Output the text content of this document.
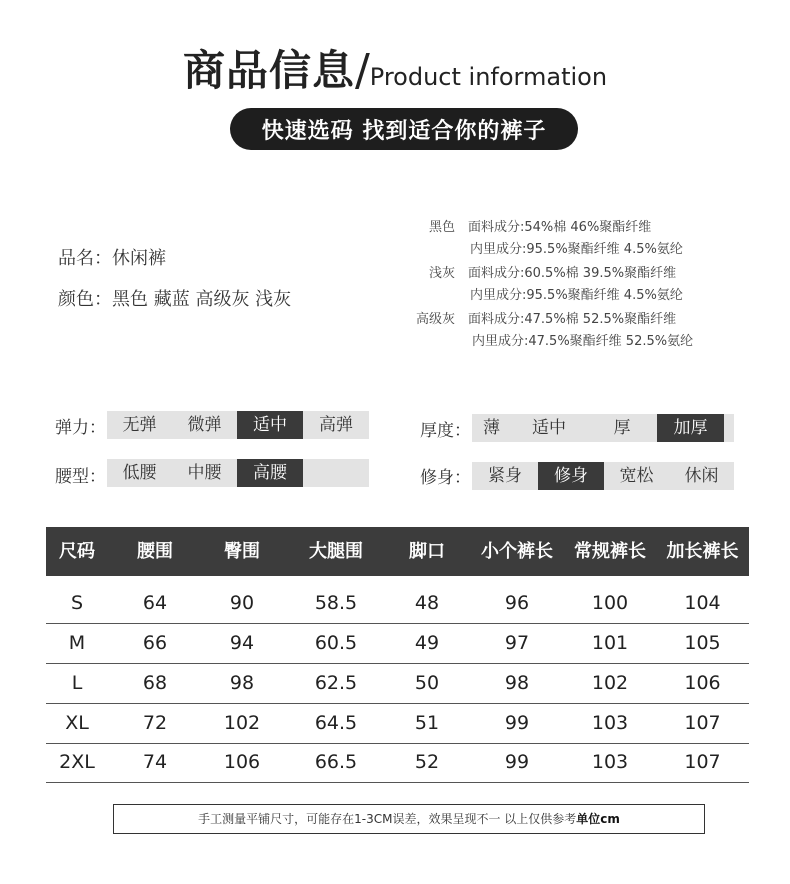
商品信息/Product information
快速选码 找到适合你的裤子
品名：休闲裤
颜色：黑色 藏蓝 高级灰 浅灰
黑色 面料成分:54%棉 46%聚酯纤维
内里成分:95.5%聚酯纤维 4.5%氨纶
浅灰 面料成分:60.5%棉 39.5%聚酯纤维
内里成分:95.5%聚酯纤维 4.5%氨纶
高级灰 面料成分:47.5%棉 52.5%聚酯纤维
内里成分:47.5%聚酯纤维 52.5%氨纶
弹力： 无弹	微弹	适中	高弹
腰型： 低腰	中腰	高腰
厚度： 薄	适中	厚	加厚
修身：	紧身	修身	宽松	休闲
尺码	腰围	臀围	大腿围	脚口	小个裤长	常规裤长	加长裤长
S	64	90	58.5	48	96	100	104
M	66	94	60.5	49	97	101	105
L	68	98	62.5	50	98	102	106
XL	72	102	64.5	51	99	103	107
2XL	74	106	66.5	52	99	103	107
手工测量平铺尺寸，可能存在1-3CM误差，效果呈现不一 以上仅供参考单位cm
